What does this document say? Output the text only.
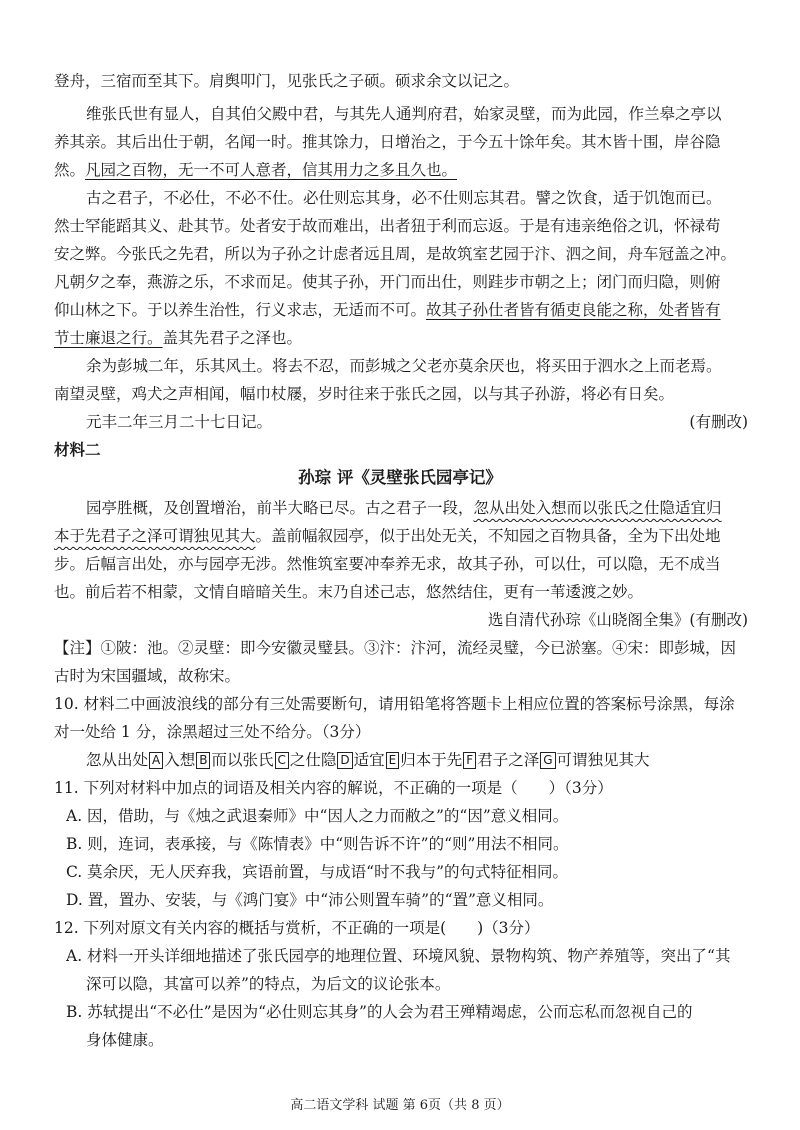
登舟，三宿而至其下。肩舆叩门，见张氏之子硕。硕求余文以记之。
维张氏世有显人，自其伯父殿中君，与其先人通判府君，始家灵壁，而为此园，作兰皋之亭以
养其亲。其后出仕于朝，名闻一时。推其馀力，日增治之，于今五十馀年矣。其木皆十围，岸谷隐
然。凡园之百物，无一不可人意者，信其用力之多且久也。
古之君子，不必仕，不必不仕。必仕则忘其身，必不仕则忘其君。譬之饮食，适于饥饱而已。
然士罕能蹈其义、赴其节。处者安于故而难出，出者狃于利而忘返。于是有违亲绝俗之讥，怀禄苟
安之弊。今张氏之先君，所以为子孙之计虑者远且周，是故筑室艺园于汴、泗之间，舟车冠盖之冲。
凡朝夕之奉，燕游之乐，不求而足。使其子孙，开门而出仕，则跬步市朝之上；闭门而归隐，则俯
仰山林之下。于以养生治性，行义求志，无适而不可。故其子孙仕者皆有循吏良能之称，处者皆有
节士廉退之行。盖其先君子之泽也。
余为彭城二年，乐其风土。将去不忍，而彭城之父老亦莫余厌也，将买田于泗水之上而老焉。
南望灵壁，鸡犬之声相闻，幅巾杖屦，岁时往来于张氏之园，以与其子孙游，将必有日矣。
元丰二年三月二十七日记。	(有删改)
材料二
孙琮 评《灵壁张氏园亭记》
园亭胜概，及创置增治，前半大略已尽。古之君子一段，忽从出处入想而以张氏之仕隐适宜归
本于先君子之泽可谓独见其大。盖前幅叙园亭，似于出处无关，不知园之百物具备，全为下出处地
步。后幅言出处，亦与园亭无涉。然惟筑室要冲奉养无求，故其子孙，可以仕，可以隐，无不成当
也。前后若不相蒙，文情自暗暗关生。末乃自述己志，悠然结住，更有一苇逶渡之妙。
选自清代孙琮《山晓阁全集》(有删改)
【注】①陂：池。②灵壁：即今安徽灵璧县。③汴：汴河，流经灵璧，今已淤塞。④宋：即彭城，因
古时为宋国疆域，故称宋。
10. 材料二中画波浪线的部分有三处需要断句，请用铅笔将答题卡上相应位置的答案标号涂黑，每涂
对一处给 1 分，涂黑超过三处不给分。（3分）
忽从出处 A 入想 B 而以张氏 C 之仕隐 D 适宜 E 归本于先 F 君子之泽 G 可谓独见其大
11. 下列对材料中加点的词语及相关内容的解说，不正确的一项是（　　）（3分）
A. 因，借助，与《烛之武退秦师》中“因人之力而敝之”的“因”意义相同。
B. 则，连词，表承接，与《陈情表》中“则告诉不许”的“则”用法不相同。
C. 莫余厌，无人厌弃我，宾语前置，与成语“时不我与”的句式特征相同。
D. 置，置办、安装，与《鸿门宴》中“沛公则置车骑”的“置”意义相同。
12. 下列对原文有关内容的概括与赏析，不正确的一项是(　　)（3分）
A. 材料一开头详细地描述了张氏园亭的地理位置、环境风貌、景物构筑、物产养殖等，突出了“其
深可以隐，其富可以养”的特点，为后文的议论张本。
B. 苏轼提出“不必仕”是因为“必仕则忘其身”的人会为君王殚精竭虑，公而忘私而忽视自己的
身体健康。
高二语文学科 试题 第 6页（共 8 页）
